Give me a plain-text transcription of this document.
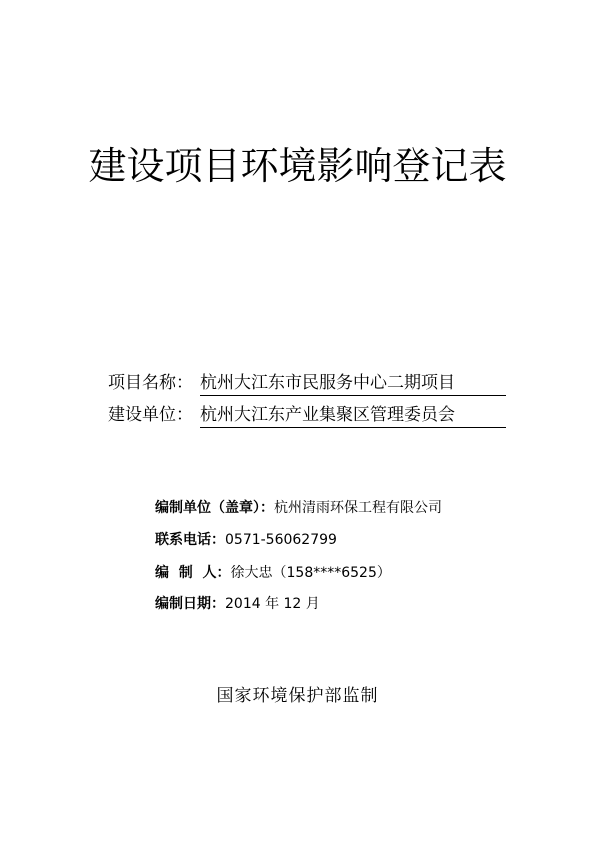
建设项目环境影响登记表
项目名称： 杭州大江东市民服务中心二期项目
建设单位： 杭州大江东产业集聚区管理委员会
编制单位（盖章）：杭州清雨环保工程有限公司
联系电话：0571-56062799
编  制  人：徐大忠（158****6525）
编制日期：2014 年 12 月
国家环境保护部监制
